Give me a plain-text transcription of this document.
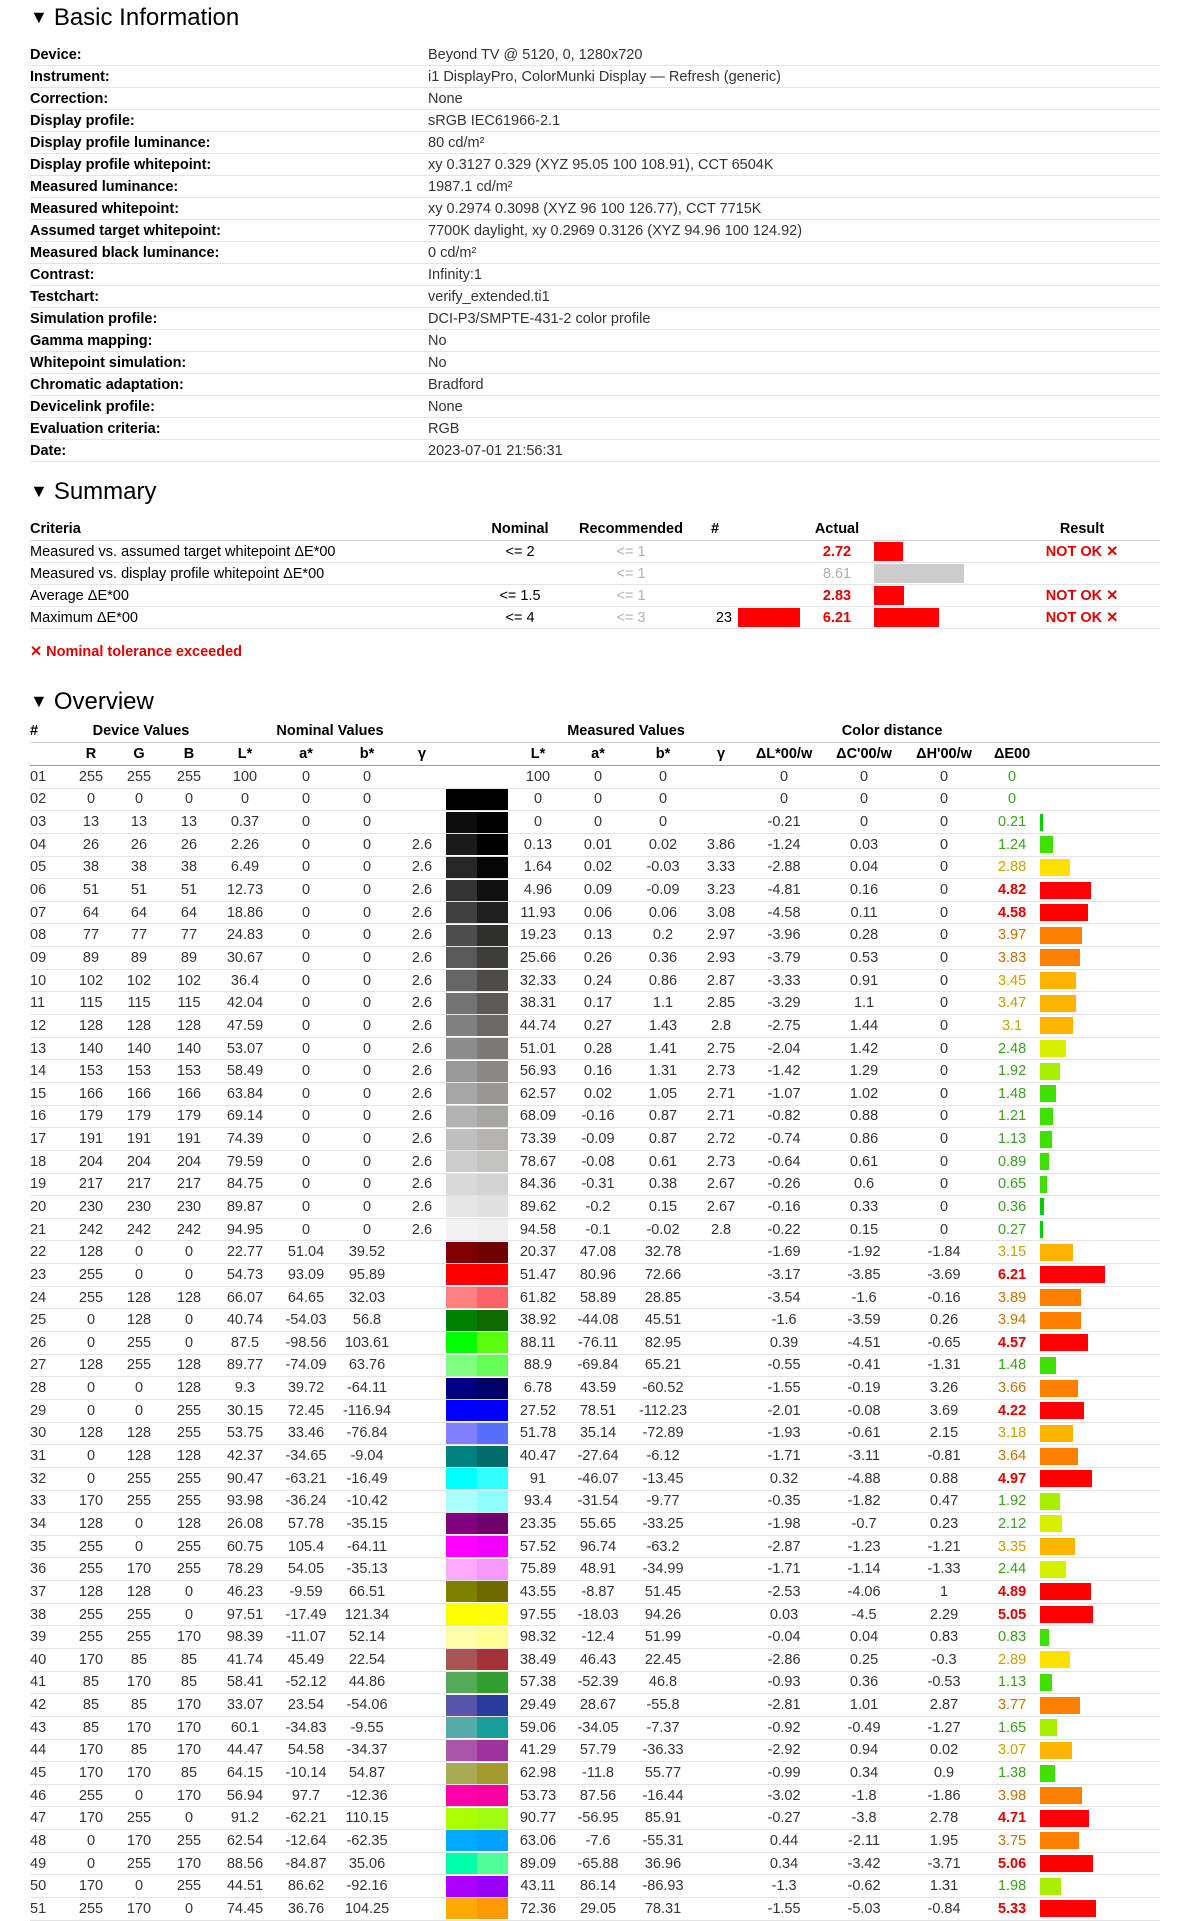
▼ Basic Information
Device:	Beyond TV @ 5120, 0, 1280x720
Instrument:	i1 DisplayPro, ColorMunki Display — Refresh (generic)
Correction:	None
Display profile:	sRGB IEC61966-2.1
Display profile luminance:	80 cd/m²
Display profile whitepoint:	xy 0.3127 0.329 (XYZ 95.05 100 108.91), CCT 6504K
Measured luminance:	1987.1 cd/m²
Measured whitepoint:	xy 0.2974 0.3098 (XYZ 96 100 126.77), CCT 7715K
Assumed target whitepoint:	7700K daylight, xy 0.2969 0.3126 (XYZ 94.96 100 124.92)
Measured black luminance:	0 cd/m²
Contrast:	Infinity:1
Testchart:	verify_extended.ti1
Simulation profile:	DCI-P3/SMPTE-431-2 color profile
Gamma mapping:	No
Whitepoint simulation:	No
Chromatic adaptation:	Bradford
Devicelink profile:	None
Evaluation criteria:	RGB
Date:	2023-07-01 21:56:31
▼ Summary
Criteria	Nominal	Recommended	#		Actual		Result
Measured vs. assumed target whitepoint ΔE*00	<= 2	<= 1			2.72		NOT OK ✕
Measured vs. display profile whitepoint ΔE*00		<= 1			8.61	

Average ΔE*00	<= 1.5	<= 1			2.83		NOT OK ✕
Maximum ΔE*00	<= 4	<= 3	23		6.21		NOT OK ✕
✕ Nominal tolerance exceeded
▼ Overview
#	Device Values			Nominal Values					Measured Values				Color distance				
	R	G	B	L*	a*	b*	γ		L*	a*	b*	γ	ΔL*00/w	ΔC'00/w	ΔH'00/w	ΔE00	
01	255	255	255	100	0	0			100	0	0		0	0	0	0	
02	0	0	0	0	0	0			0	0	0		0	0	0	0	
03	13	13	13	0.37	0	0			0	0	0		-0.21	0	0	0.21	
04	26	26	26	2.26	0	0	2.6		0.13	0.01	0.02	3.86	-1.24	0.03	0	1.24	
05	38	38	38	6.49	0	0	2.6		1.64	0.02	-0.03	3.33	-2.88	0.04	0	2.88	
06	51	51	51	12.73	0	0	2.6		4.96	0.09	-0.09	3.23	-4.81	0.16	0	4.82	
07	64	64	64	18.86	0	0	2.6		11.93	0.06	0.06	3.08	-4.58	0.11	0	4.58	
08	77	77	77	24.83	0	0	2.6		19.23	0.13	0.2	2.97	-3.96	0.28	0	3.97	
09	89	89	89	30.67	0	0	2.6		25.66	0.26	0.36	2.93	-3.79	0.53	0	3.83	
10	102	102	102	36.4	0	0	2.6		32.33	0.24	0.86	2.87	-3.33	0.91	0	3.45	
11	115	115	115	42.04	0	0	2.6		38.31	0.17	1.1	2.85	-3.29	1.1	0	3.47	
12	128	128	128	47.59	0	0	2.6		44.74	0.27	1.43	2.8	-2.75	1.44	0	3.1	
13	140	140	140	53.07	0	0	2.6		51.01	0.28	1.41	2.75	-2.04	1.42	0	2.48	
14	153	153	153	58.49	0	0	2.6		56.93	0.16	1.31	2.73	-1.42	1.29	0	1.92	
15	166	166	166	63.84	0	0	2.6		62.57	0.02	1.05	2.71	-1.07	1.02	0	1.48	
16	179	179	179	69.14	0	0	2.6		68.09	-0.16	0.87	2.71	-0.82	0.88	0	1.21	
17	191	191	191	74.39	0	0	2.6		73.39	-0.09	0.87	2.72	-0.74	0.86	0	1.13	
18	204	204	204	79.59	0	0	2.6		78.67	-0.08	0.61	2.73	-0.64	0.61	0	0.89	
19	217	217	217	84.75	0	0	2.6		84.36	-0.31	0.38	2.67	-0.26	0.6	0	0.65	
20	230	230	230	89.87	0	0	2.6		89.62	-0.2	0.15	2.67	-0.16	0.33	0	0.36	
21	242	242	242	94.95	0	0	2.6		94.58	-0.1	-0.02	2.8	-0.22	0.15	0	0.27	
22	128	0	0	22.77	51.04	39.52			20.37	47.08	32.78		-1.69	-1.92	-1.84	3.15	
23	255	0	0	54.73	93.09	95.89			51.47	80.96	72.66		-3.17	-3.85	-3.69	6.21	
24	255	128	128	66.07	64.65	32.03			61.82	58.89	28.85		-3.54	-1.6	-0.16	3.89	
25	0	128	0	40.74	-54.03	56.8			38.92	-44.08	45.51		-1.6	-3.59	0.26	3.94	
26	0	255	0	87.5	-98.56	103.61			88.11	-76.11	82.95		0.39	-4.51	-0.65	4.57	
27	128	255	128	89.77	-74.09	63.76			88.9	-69.84	65.21		-0.55	-0.41	-1.31	1.48	
28	0	0	128	9.3	39.72	-64.11			6.78	43.59	-60.52		-1.55	-0.19	3.26	3.66	
29	0	0	255	30.15	72.45	-116.94			27.52	78.51	-112.23		-2.01	-0.08	3.69	4.22	
30	128	128	255	53.75	33.46	-76.84			51.78	35.14	-72.89		-1.93	-0.61	2.15	3.18	
31	0	128	128	42.37	-34.65	-9.04			40.47	-27.64	-6.12		-1.71	-3.11	-0.81	3.64	
32	0	255	255	90.47	-63.21	-16.49			91	-46.07	-13.45		0.32	-4.88	0.88	4.97	
33	170	255	255	93.98	-36.24	-10.42			93.4	-31.54	-9.77		-0.35	-1.82	0.47	1.92	
34	128	0	128	26.08	57.78	-35.15			23.35	55.65	-33.25		-1.98	-0.7	0.23	2.12	
35	255	0	255	60.75	105.4	-64.11			57.52	96.74	-63.2		-2.87	-1.23	-1.21	3.35	
36	255	170	255	78.29	54.05	-35.13			75.89	48.91	-34.99		-1.71	-1.14	-1.33	2.44	
37	128	128	0	46.23	-9.59	66.51			43.55	-8.87	51.45		-2.53	-4.06	1	4.89	
38	255	255	0	97.51	-17.49	121.34			97.55	-18.03	94.26		0.03	-4.5	2.29	5.05	
39	255	255	170	98.39	-11.07	52.14			98.32	-12.4	51.99		-0.04	0.04	0.83	0.83	
40	170	85	85	41.74	45.49	22.54			38.49	46.43	22.45		-2.86	0.25	-0.3	2.89	
41	85	170	85	58.41	-52.12	44.86			57.38	-52.39	46.8		-0.93	0.36	-0.53	1.13	
42	85	85	170	33.07	23.54	-54.06			29.49	28.67	-55.8		-2.81	1.01	2.87	3.77	
43	85	170	170	60.1	-34.83	-9.55			59.06	-34.05	-7.37		-0.92	-0.49	-1.27	1.65	
44	170	85	170	44.47	54.58	-34.37			41.29	57.79	-36.33		-2.92	0.94	0.02	3.07	
45	170	170	85	64.15	-10.14	54.87			62.98	-11.8	55.77		-0.99	0.34	0.9	1.38	
46	255	0	170	56.94	97.7	-12.36			53.73	87.56	-16.44		-3.02	-1.8	-1.86	3.98	
47	170	255	0	91.2	-62.21	110.15			90.77	-56.95	85.91		-0.27	-3.8	2.78	4.71	
48	0	170	255	62.54	-12.64	-62.35			63.06	-7.6	-55.31		0.44	-2.11	1.95	3.75	
49	0	255	170	88.56	-84.87	35.06			89.09	-65.88	36.96		0.34	-3.42	-3.71	5.06	
50	170	0	255	44.51	86.62	-92.16			43.11	86.14	-86.93		-1.3	-0.62	1.31	1.98	
51	255	170	0	74.45	36.76	104.25			72.36	29.05	78.31		-1.55	-5.03	-0.84	5.33	
